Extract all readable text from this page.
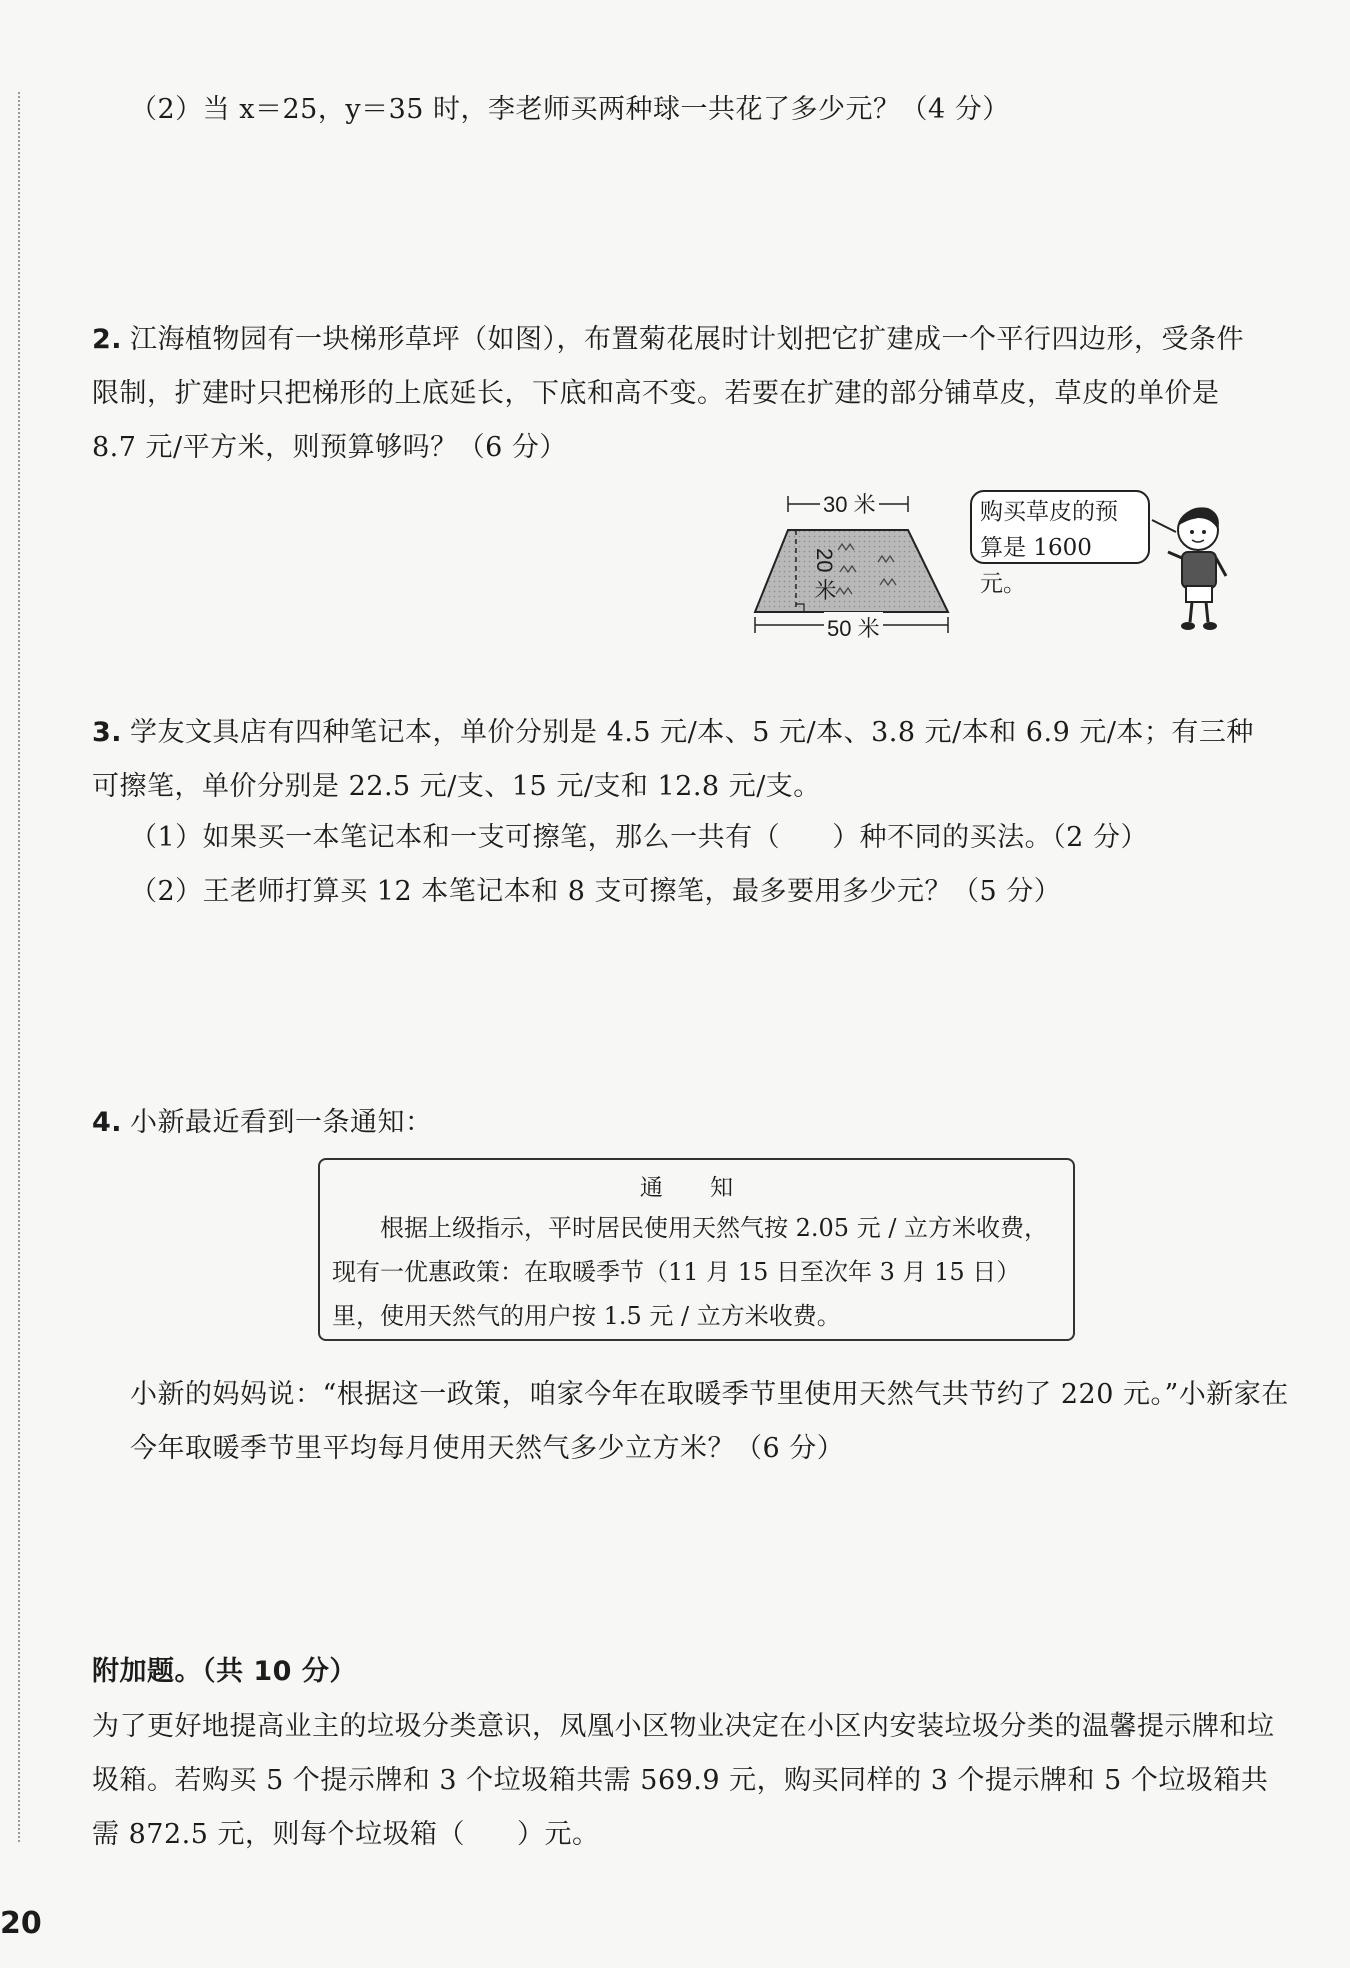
（2）当 x＝25，y＝35 时，李老师买两种球一共花了多少元？（4 分）
2. 江海植物园有一块梯形草坪（如图），布置菊花展时计划把它扩建成一个平行四边形，受条件限制，扩建时只把梯形的上底延长，下底和高不变。若要在扩建的部分铺草皮，草皮的单价是 8.7 元/平方米，则预算够吗？（6 分）
30 米
20 米
50 米
购买草皮的预算是 1600 元。
3. 学友文具店有四种笔记本，单价分别是 4.5 元/本、5 元/本、3.8 元/本和 6.9 元/本；有三种可擦笔，单价分别是 22.5 元/支、15 元/支和 12.8 元/支。
（1）如果买一本笔记本和一支可擦笔，那么一共有（ ）种不同的买法。（2 分）
（2）王老师打算买 12 本笔记本和 8 支可擦笔，最多要用多少元？（5 分）
4. 小新最近看到一条通知：
通 知
根据上级指示，平时居民使用天然气按 2.05 元 / 立方米收费，现有一优惠政策：在取暖季节（11 月 15 日至次年 3 月 15 日）里，使用天然气的用户按 1.5 元 / 立方米收费。
小新的妈妈说：“根据这一政策，咱家今年在取暖季节里使用天然气共节约了 220 元。”小新家在今年取暖季节里平均每月使用天然气多少立方米？（6 分）
附加题。（共 10 分）
为了更好地提高业主的垃圾分类意识，凤凰小区物业决定在小区内安装垃圾分类的温馨提示牌和垃圾箱。若购买 5 个提示牌和 3 个垃圾箱共需 569.9 元，购买同样的 3 个提示牌和 5 个垃圾箱共需 872.5 元，则每个垃圾箱（ ）元。
20
